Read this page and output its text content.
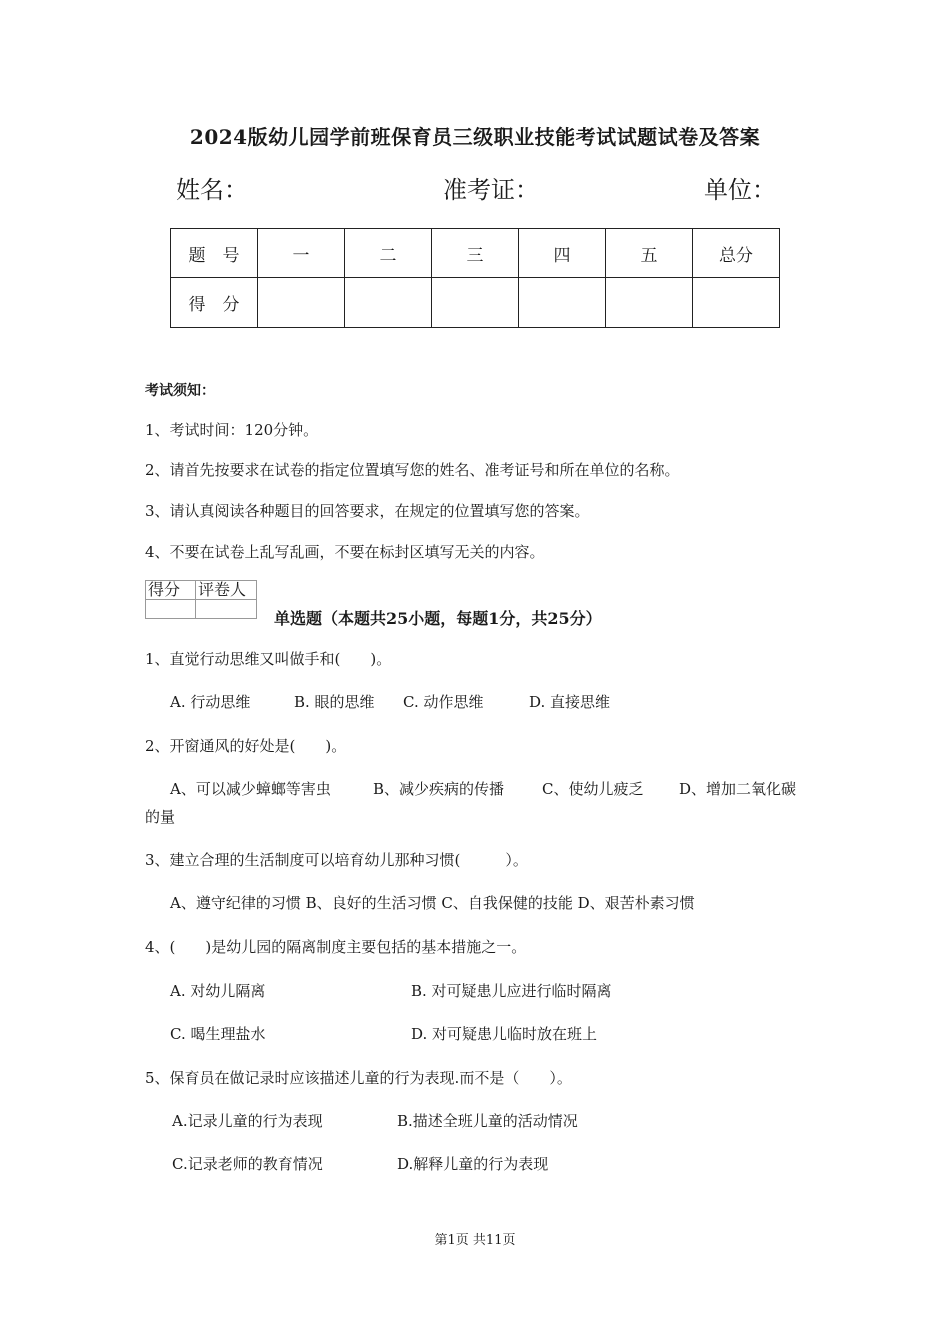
2024版幼儿园学前班保育员三级职业技能考试试题试卷及答案
姓名：	准考证：	单位：
题　号	一	二	三	四	五	总分
得　分						
考试须知：
1、考试时间：120分钟。
2、请首先按要求在试卷的指定位置填写您的姓名、准考证号和所在单位的名称。
3、请认真阅读各种题目的回答要求，在规定的位置填写您的答案。
4、不要在试卷上乱写乱画，不要在标封区填写无关的内容。
得分	评卷人

单选题（本题共25小题，每题1分，共25分）
1、直觉行动思维又叫做手和(　　)。
A. 行动思维	B. 眼的思维 C. 动作思维	D. 直接思维
2、开窗通风的好处是(　　)。
A、可以减少蟑螂等害虫	B、减少疾病的传播	C、使幼儿疲乏 D、增加二氧化碳
的量
3、建立合理的生活制度可以培育幼儿那种习惯(　　　）。
A、遵守纪律的习惯 B、良好的生活习惯 C、自我保健的技能 D、艰苦朴素习惯
4、(　　)是幼儿园的隔离制度主要包括的基本措施之一。
A. 对幼儿隔离	B. 对可疑患儿应进行临时隔离
C. 喝生理盐水	D. 对可疑患儿临时放在班上
5、保育员在做记录时应该描述儿童的行为表现.而不是（　　）。
A.记录儿童的行为表现	B.描述全班儿童的活动情况
C.记录老师的教育情况	D.解释儿童的行为表现
第1页 共11页
